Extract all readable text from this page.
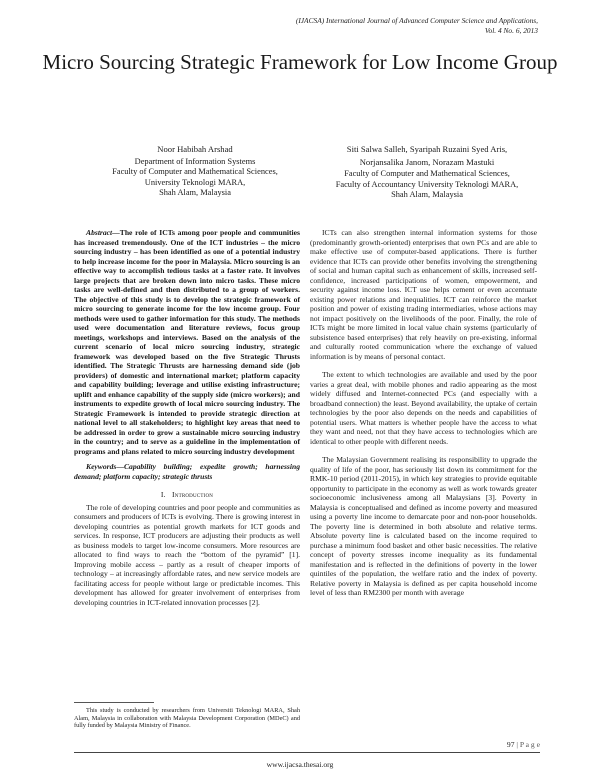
(IJACSA) International Journal of Advanced Computer Science and Applications,
Vol. 4 No. 6, 2013
Micro Sourcing Strategic Framework for Low Income Group
Noor Habibah Arshad
Department of Information Systems
Faculty of Computer and Mathematical Sciences,
University Teknologi MARA,
Shah Alam, Malaysia
Siti Salwa Salleh, Syaripah Ruzaini Syed Aris,
Norjansalika Janom, Norazam Mastuki
Faculty of Computer and Mathematical Sciences,
Faculty of Accountancy University Teknologi MARA,
Shah Alam, Malaysia

Abstract—The role of ICTs among poor people and communities has increased tremendously. One of the ICT industries – the micro sourcing industry – has been identified as one of a potential industry to help increase income for the poor in Malaysia. Micro sourcing is an effective way to accomplish tedious tasks at a faster rate. It involves large projects that are broken down into micro tasks. These micro tasks are well-defined and then distributed to a group of workers. The objective of this study is to develop the strategic framework of micro sourcing to generate income for the low income group. Four methods were used to gather information for this study. The methods used were documentation and literature reviews, focus group meetings, workshops and interviews. Based on the analysis of the current scenario of local micro sourcing industry, strategic framework was developed based on the five Strategic Thrusts identified. The Strategic Thrusts are harnessing demand side (job providers) of domestic and international market; platform capacity and capability building; leverage and utilise existing infrastructure; uplift and enhance capability of the supply side (micro workers); and instruments to expedite growth of local micro sourcing industry. The Strategic Framework is intended to provide strategic direction at national level to all stakeholders; to highlight key areas that need to be addressed in order to grow a sustainable micro sourcing industry in the country; and to serve as a guideline in the implementation of programs and plans related to micro sourcing industry development

Keywords—Capability building; expedite growth; harnessing demand; platform capacity; strategic thrusts

I. Introduction

The role of developing countries and poor people and communities as consumers and producers of ICTs is evolving. There is growing interest in developing countries as potential growth markets for ICT goods and services. In response, ICT producers are adjusting their products as well as business models to target low-income consumers. More resources are allocated to find ways to reach the “bottom of the pyramid” [1]. Improving mobile access – partly as a result of cheaper imports of technology – at increasingly affordable rates, and new service models are facilitating access for people without large or predictable incomes. This development has allowed for greater involvement of enterprises from developing countries in ICT-related innovation processes [2].

ICTs can also strengthen internal information systems for those (predominantly growth-oriented) enterprises that own PCs and are able to make effective use of computer-based applications. There is further evidence that ICTs can provide other benefits involving the strengthening of social and human capital such as enhancement of skills, increased self-confidence, increased participations of women, empowerment, and security against income loss. ICT use helps cement or even accentuate existing power relations and inequalities. ICT can reinforce the market position and power of existing trading intermediaries, whose actions may not impact positively on the livelihoods of the poor. Finally, the role of ICTs might be more limited in local value chain systems (particularly of subsistence based enterprises) that rely heavily on pre-existing, informal and culturally rooted communication where the exchange of valued information is by means of personal contact.

The extent to which technologies are available and used by the poor varies a great deal, with mobile phones and radio appearing as the most widely diffused and Internet-connected PCs (and especially with a broadband connection) the least. Beyond availability, the uptake of certain technologies by the poor also depends on the needs and capabilities of potential users. What matters is whether people have the access to what they want and need, not that they have access to technologies which are identical to other people with different needs.

The Malaysian Government realising its responsibility to upgrade the quality of life of the poor, has seriously list down its commitment for the RMK-10 period (2011-2015), in which key strategies to provide equitable opportunity to participate in the economy as well as work towards greater socioeconomic inclusiveness among all Malaysians [3]. Poverty in Malaysia is conceptualised and defined as income poverty and measured using a poverty line income to demarcate poor and non-poor households. The poverty line is determined in both absolute and relative terms. Absolute poverty line is calculated based on the income required to purchase a minimum food basket and other basic necessities. The relative concept of poverty stresses income inequality as its fundamental manifestation and is reflected in the definitions of poverty in the lower quintiles of the population, the welfare ratio and the index of poverty. Relative poverty in Malaysia is defined as per capita household income level of less than RM2300 per month with average

This study is conducted by researchers from Universiti Teknologi MARA, Shah Alam, Malaysia in collaboration with Malaysia Development Corporation (MDeC) and fully funded by Malaysia Ministry of Finance.

97 | P a g e
www.ijacsa.thesai.org
